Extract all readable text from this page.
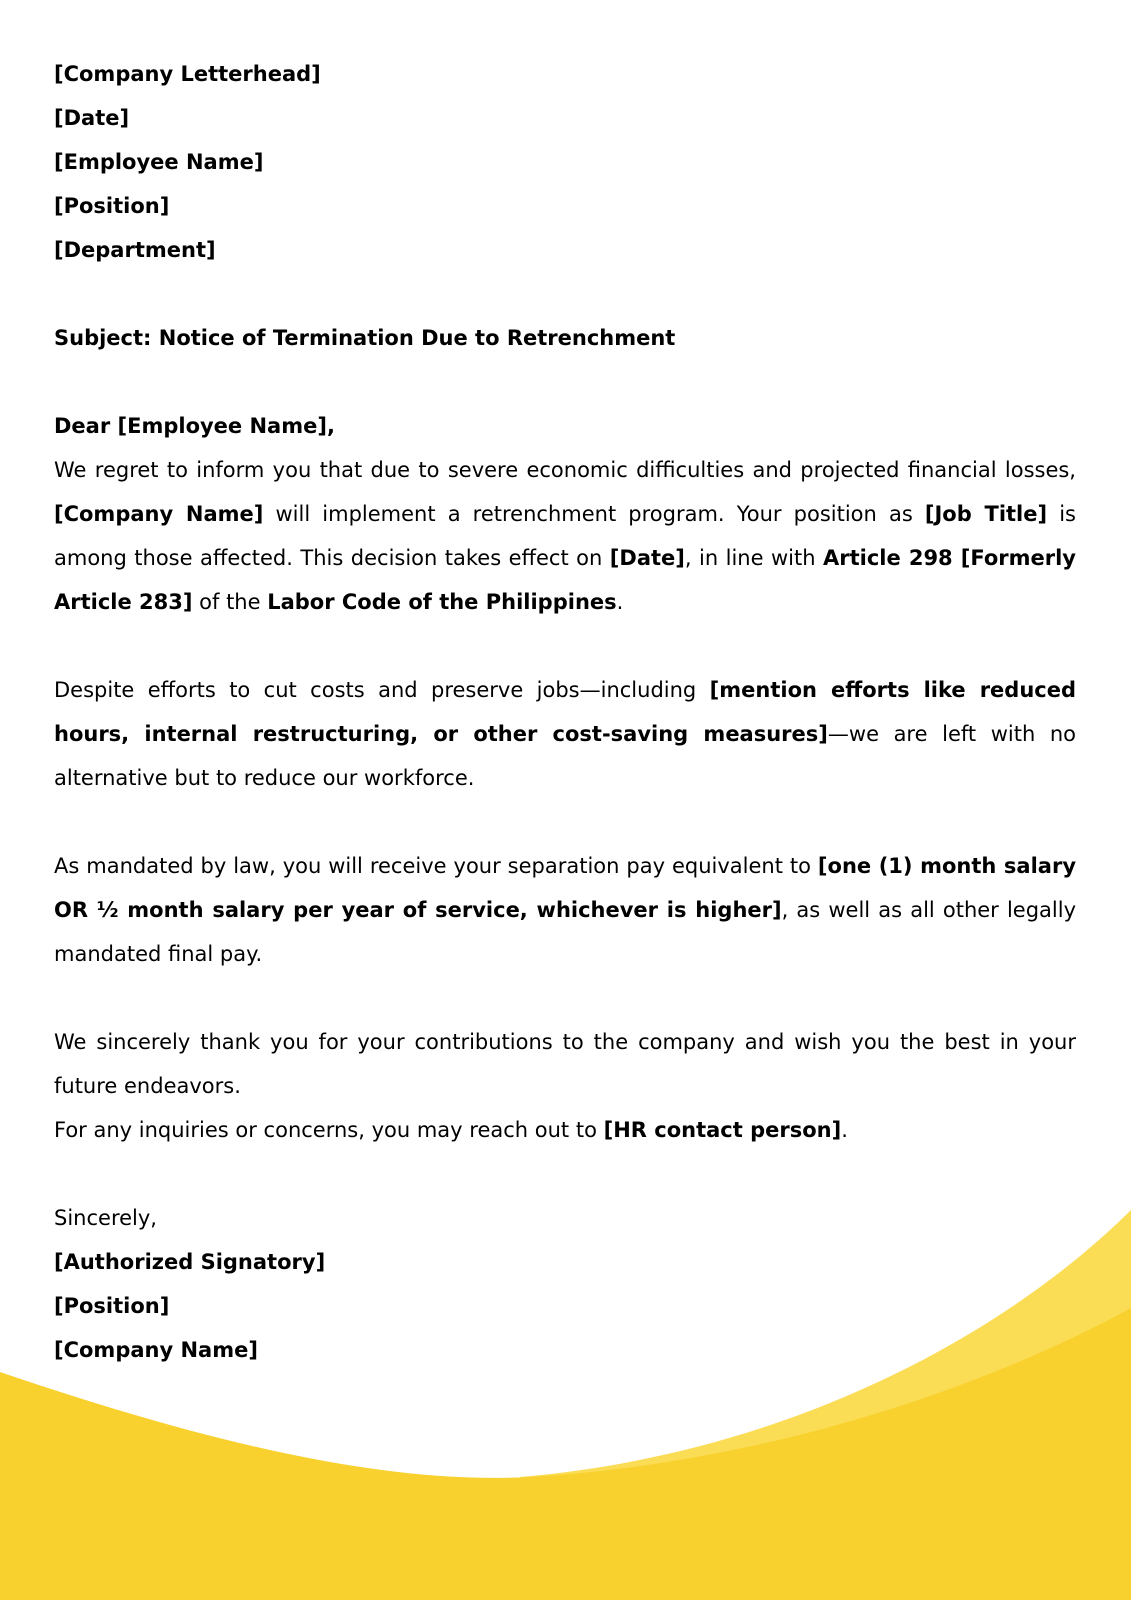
[Company Letterhead]

[Date]

[Employee Name]

[Position]

[Department]

Subject: Notice of Termination Due to Retrenchment

Dear [Employee Name],

We regret to inform you that due to severe economic difficulties and projected financial losses, [Company Name] will implement a retrenchment program. Your position as [Job Title] is among those affected. This decision takes effect on [Date], in line with Article 298 [Formerly Article 283] of the Labor Code of the Philippines.

Despite efforts to cut costs and preserve jobs—including [mention efforts like reduced hours, internal restructuring, or other cost-saving measures]—we are left with no alternative but to reduce our workforce.

As mandated by law, you will receive your separation pay equivalent to [one (1) month salary OR ½ month salary per year of service, whichever is higher], as well as all other legally mandated final pay.

We sincerely thank you for your contributions to the company and wish you the best in your future endeavors.

For any inquiries or concerns, you may reach out to [HR contact person].

Sincerely,

[Authorized Signatory]

[Position]

[Company Name]
